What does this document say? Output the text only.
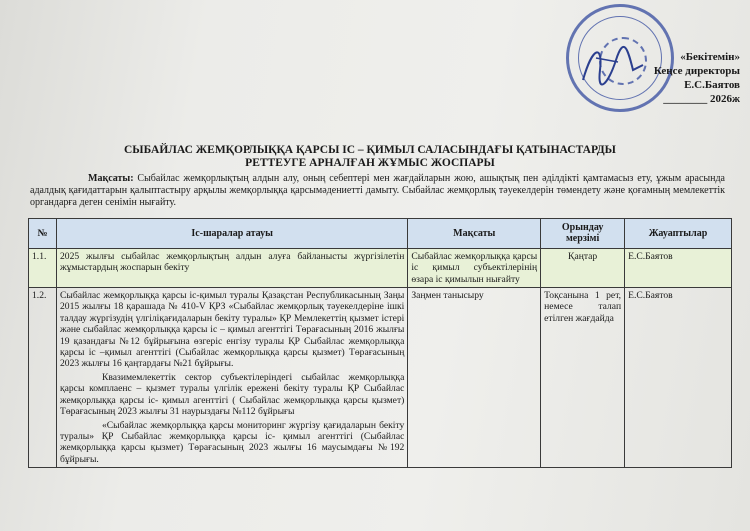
«Бекітемін»
Кеңсе директоры
Е.С.Баятов
________ 2026ж
СЫБАЙЛАС ЖЕМҚОРЛЫҚҚА ҚАРСЫ ІС – ҚИМЫЛ САЛАСЫНДАҒЫ ҚАТЫНАСТАРДЫ РЕТТЕУГЕ АРНАЛҒАН ЖҰМЫС ЖОСПАРЫ
Мақсаты: Сыбайлас жемқорлықтың алдын алу, оның себептері мен жағдайларын жою, ашықтық пен әділдікті қамтамасыз ету, ұжым арасында адалдық қағидаттарын қалыптастыру арқылы жемқорлыққа қарсымәдениетті дамыту. Сыбайлас жемқорлық тәуекелдерін төмендету және қоғамның мемлекеттік органдарға деген сенімін нығайту.
№	Іс-шаралар атауы	Мақсаты	Орындау мерзімі	Жауаптылар
1.1.	2025 жылғы сыбайлас жемқорлықтың алдын алуға байланысты жүргізілетін жұмыстардың жоспарын бекіту	Сыбайлас жемқорлыққа қарсы іс қимыл субъектілерінің өзара іс қимылын нығайту	Қаңтар	Е.С.Баятов
1.2.	Сыбайлас жемқорлыққа қарсы іс-қимыл туралы Қазақстан Республикасының Заңы 2015 жылғы 18 қарашада № 410-V ҚРЗ «Сыбайлас жемқорлық тәуекелдеріне ішкі талдау жүргізудің үлгіліқағидаларын бекіту туралы» ҚР Мемлекеттің қызмет істері және сыбайлас жемқорлыққа қарсы іс – қимыл агенттігі Төрағасының 2016 жылғы 19 қазандағы №12 бұйрығына өзгеріс енгізу туралы ҚР Сыбайлас жемқорлыққа қарсы іс –қимыл агенттігі (Сыбайлас жемқорлыққа қарсы қызмет) Төрағасының 2023 жылғы 16 қаңтардағы №21 бұйрығы.
Квазимемлекеттік сектор субъектілеріндегі сыбайлас жемқорлыққа қарсы комплаенс – қызмет туралы үлгілік ережені бекіту туралы ҚР Сыбайлас жемқорлыққа қарсы іс- қимыл агенттігі ( Сыбайлас жемқорлыққа қарсы қызмет) Төрағасының 2023 жылғы 31 наурыздағы №112 бұйрығы
«Сыбайлас жемқорлыққа қарсы мониторинг жүргізу қағидаларын бекіту туралы» ҚР Сыбайлас жемқорлыққа қарсы іс- қимыл агенттігі (Сыбайлас жемқорлыққа қарсы қызмет) Төрағасының 2023 жылғы 16 маусымдағы №192 бұйрығы.	Заңмен танысыру	Тоқсанына 1 рет, немесе талап етілген жағдайда	Е.С.Баятов
